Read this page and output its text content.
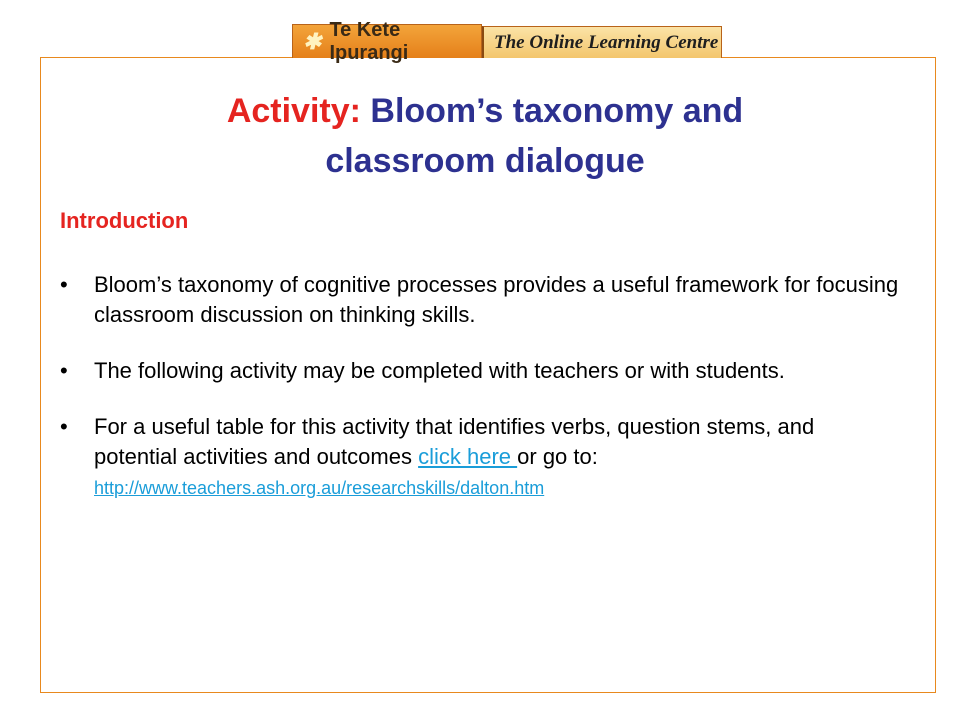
✱ Te Kete Ipurangi	The Online Learning Centre
Activity: Bloom’s taxonomy and
classroom dialogue
Introduction
• Bloom’s taxonomy of cognitive processes provides a useful framework for focusing classroom discussion on thinking skills.
• The following activity may be completed with teachers or with students.
• For a useful table for this activity that identifies verbs, question stems, and potential activities and outcomes click here or go to:
http://www.teachers.ash.org.au/researchskills/dalton.htm
